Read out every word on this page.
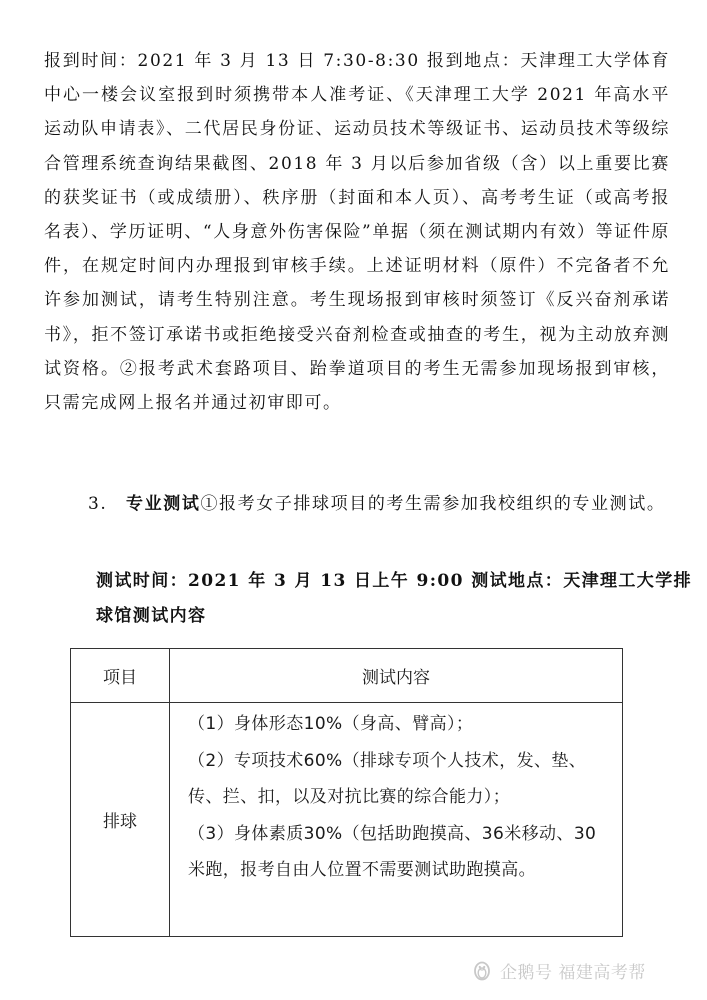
报到时间：2021 年 3 月 13 日 7:30-8:30 报到地点：天津理工大学体育中心一楼会议室报到时须携带本人准考证、《天津理工大学 2021 年高水平运动队申请表》、二代居民身份证、运动员技术等级证书、运动员技术等级综合管理系统查询结果截图、2018 年 3 月以后参加省级（含）以上重要比赛的获奖证书（或成绩册）、秩序册（封面和本人页）、高考考生证（或高考报名表）、学历证明、“人身意外伤害保险”单据（须在测试期内有效）等证件原件，在规定时间内办理报到审核手续。上述证明材料（原件）不完备者不允许参加测试，请考生特别注意。考生现场报到审核时须签订《反兴奋剂承诺书》，拒不签订承诺书或拒绝接受兴奋剂检查或抽查的考生，视为主动放弃测试资格。②报考武术套路项目、跆拳道项目的考生无需参加现场报到审核，只需完成网上报名并通过初审即可。

3.　专业测试①报考女子排球项目的考生需参加我校组织的专业测试。

测试时间：2021 年 3 月 13 日上午 9:00 测试地点：天津理工大学排球馆测试内容

项目	测试内容
排球	（1）身体形态10%（身高、臂高）；
（2）专项技术60%（排球专项个人技术，发、垫、传、拦、扣，以及对抗比赛的综合能力）；
（3）身体素质30%（包括助跑摸高、36米移动、30米跑，报考自由人位置不需要测试助跑摸高。
企鹅号 福建高考帮
